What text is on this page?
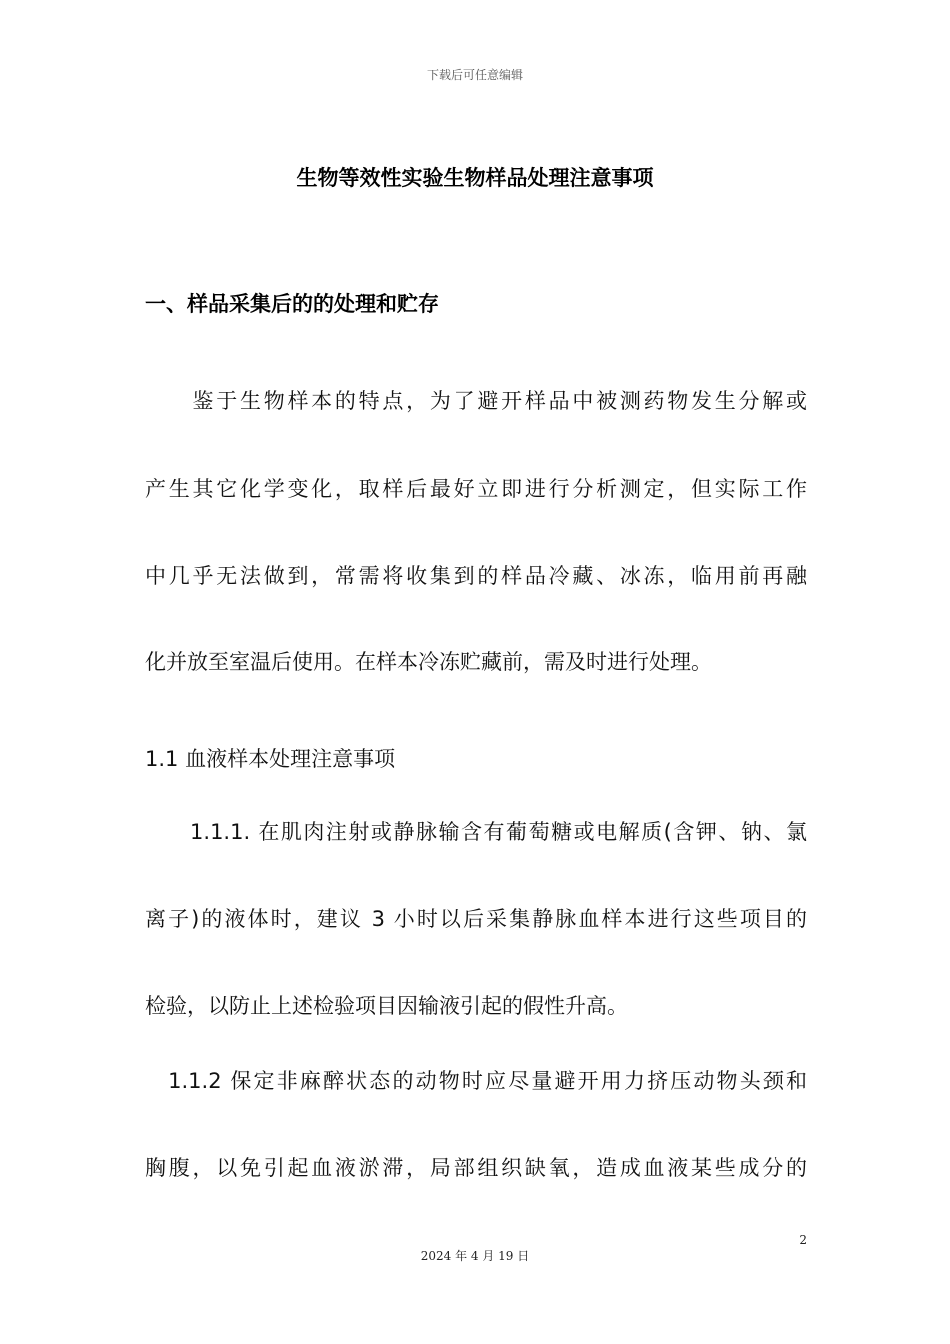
下载后可任意编辑
生物等效性实验生物样品处理注意事项
一、样品采集后的的处理和贮存
　　鉴于生物样本的特点，为了避开样品中被测药物发生分解或
产生其它化学变化，取样后最好立即进行分析测定，但实际工作
中几乎无法做到，常需将收集到的样品冷藏、冰冻，临用前再融
化并放至室温后使用。在样本冷冻贮藏前，需及时进行处理。
1.1 血液样本处理注意事项
　　1.1.1. 在肌肉注射或静脉输含有葡萄糖或电解质(含钾、钠、氯
离子)的液体时，建议 3 小时以后采集静脉血样本进行这些项目的
检验，以防止上述检验项目因输液引起的假性升高。
　1.1.2 保定非麻醉状态的动物时应尽量避开用力挤压动物头颈和
胸腹，以免引起血液淤滞，局部组织缺氧，造成血液某些成分的
2
2024 年 4 月 19 日
